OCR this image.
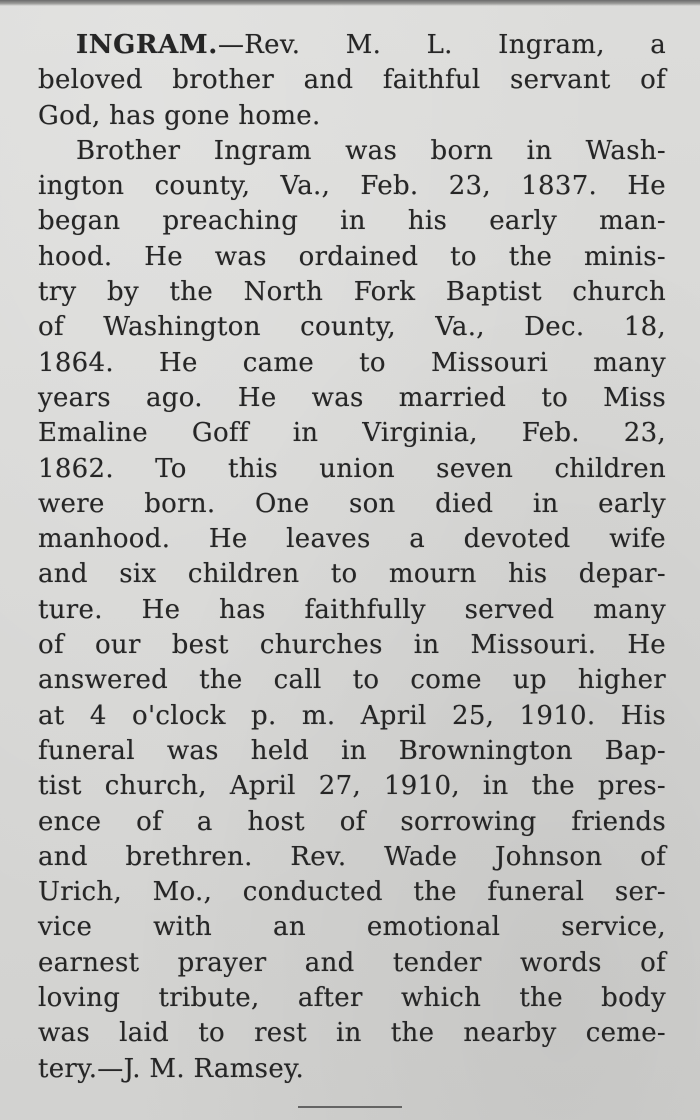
INGRAM.—Rev. M. L. Ingram, a
beloved brother and faithful servant of
God, has gone home.
Brother Ingram was born in Wash-
ington county, Va., Feb. 23, 1837. He
began preaching in his early man-
hood. He was ordained to the minis-
try by the North Fork Baptist church
of Washington county, Va., Dec. 18,
1864. He came to Missouri many
years ago. He was married to Miss
Emaline Goff in Virginia, Feb. 23,
1862. To this union seven children
were born. One son died in early
manhood. He leaves a devoted wife
and six children to mourn his depar-
ture. He has faithfully served many
of our best churches in Missouri. He
answered the call to come up higher
at 4 o'clock p. m. April 25, 1910. His
funeral was held in Brownington Bap-
tist church, April 27, 1910, in the pres-
ence of a host of sorrowing friends
and brethren. Rev. Wade Johnson of
Urich, Mo., conducted the funeral ser-
vice with an emotional service,
earnest prayer and tender words of
loving tribute, after which the body
was laid to rest in the nearby ceme-
tery.—J. M. Ramsey.
